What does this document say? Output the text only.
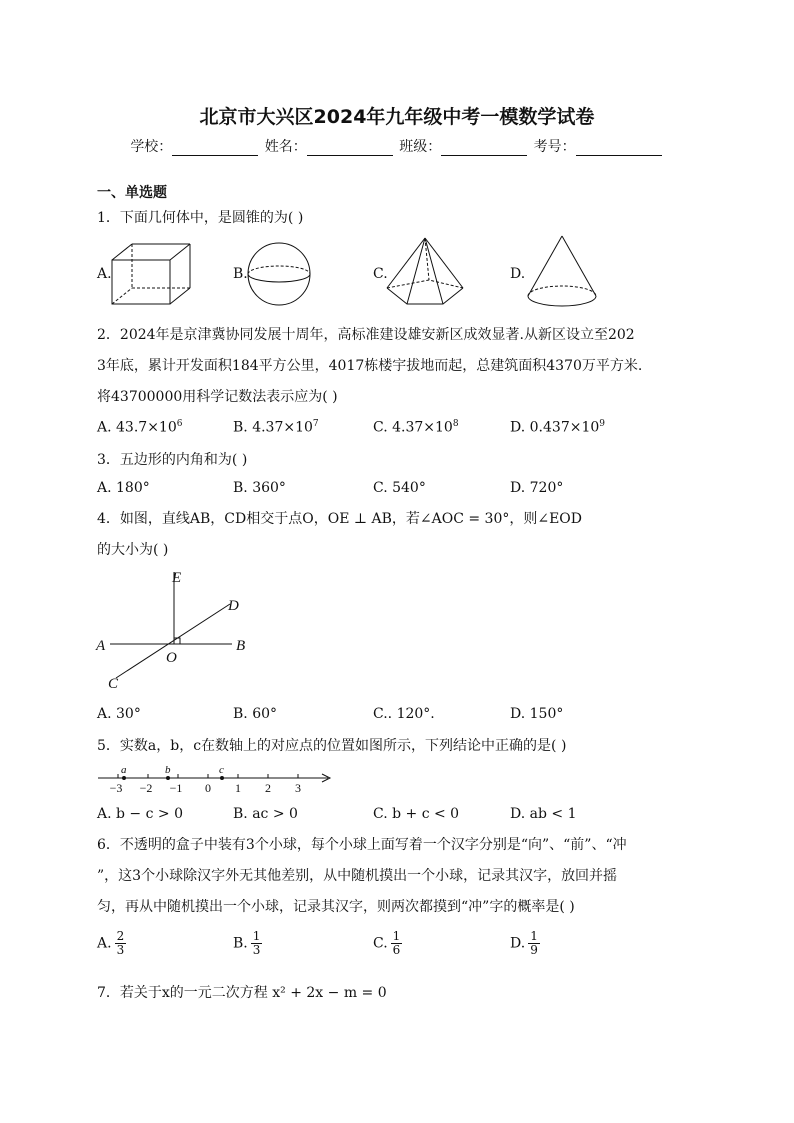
北京市大兴区2024年九年级中考一模数学试卷
学校：	姓名：	班级：	考号：
一、单选题
1．下面几何体中，是圆锥的为( )
A.	B.	C.	D.
2．2024年是京津冀协同发展十周年，高标准建设雄安新区成效显著.从新区设立至202
3年底，累计开发面积184平方公里，4017栋楼宇拔地而起，总建筑面积4370万平方米.
将43700000用科学记数法表示应为( )
A. $43.7\times 10^6$	B. $4.37\times 10^7$	C. $4.37\times 10^8$	D. $0.437\times 10^9$
3．五边形的内角和为( )
A. 180°	B. 360°	C. 540°	D. 720°
4．如图，直线AB，CD相交于点O，OE ⊥ AB，若∠AOC = 30°，则∠EOD
的大小为( )
E
D
A	B
O
C
A. 30°	B. 60°	C.. 120°.	D. 150°
5．实数a，b，c在数轴上的对应点的位置如图所示，下列结论中正确的是( )
a	b	c
−3 −2 −1 0 1 2 3
A. b − c > 0	B. ac > 0	C. b + c < 0	D. ab < 1
6．不透明的盒子中装有3个小球，每个小球上面写着一个汉字分别是“向”、“前”、“冲
”，这3个小球除汉字外无其他差别，从中随机摸出一个小球，记录其汉字，放回并摇
匀，再从中随机摸出一个小球，记录其汉字，则两次都摸到“冲”字的概率是( )
A. $\frac{2}{3}$	B. $\frac{1}{3}$	C. $\frac{1}{6}$	D. $\frac{1}{9}$
7．若关于x的一元二次方程 x² + 2x − m = 0
